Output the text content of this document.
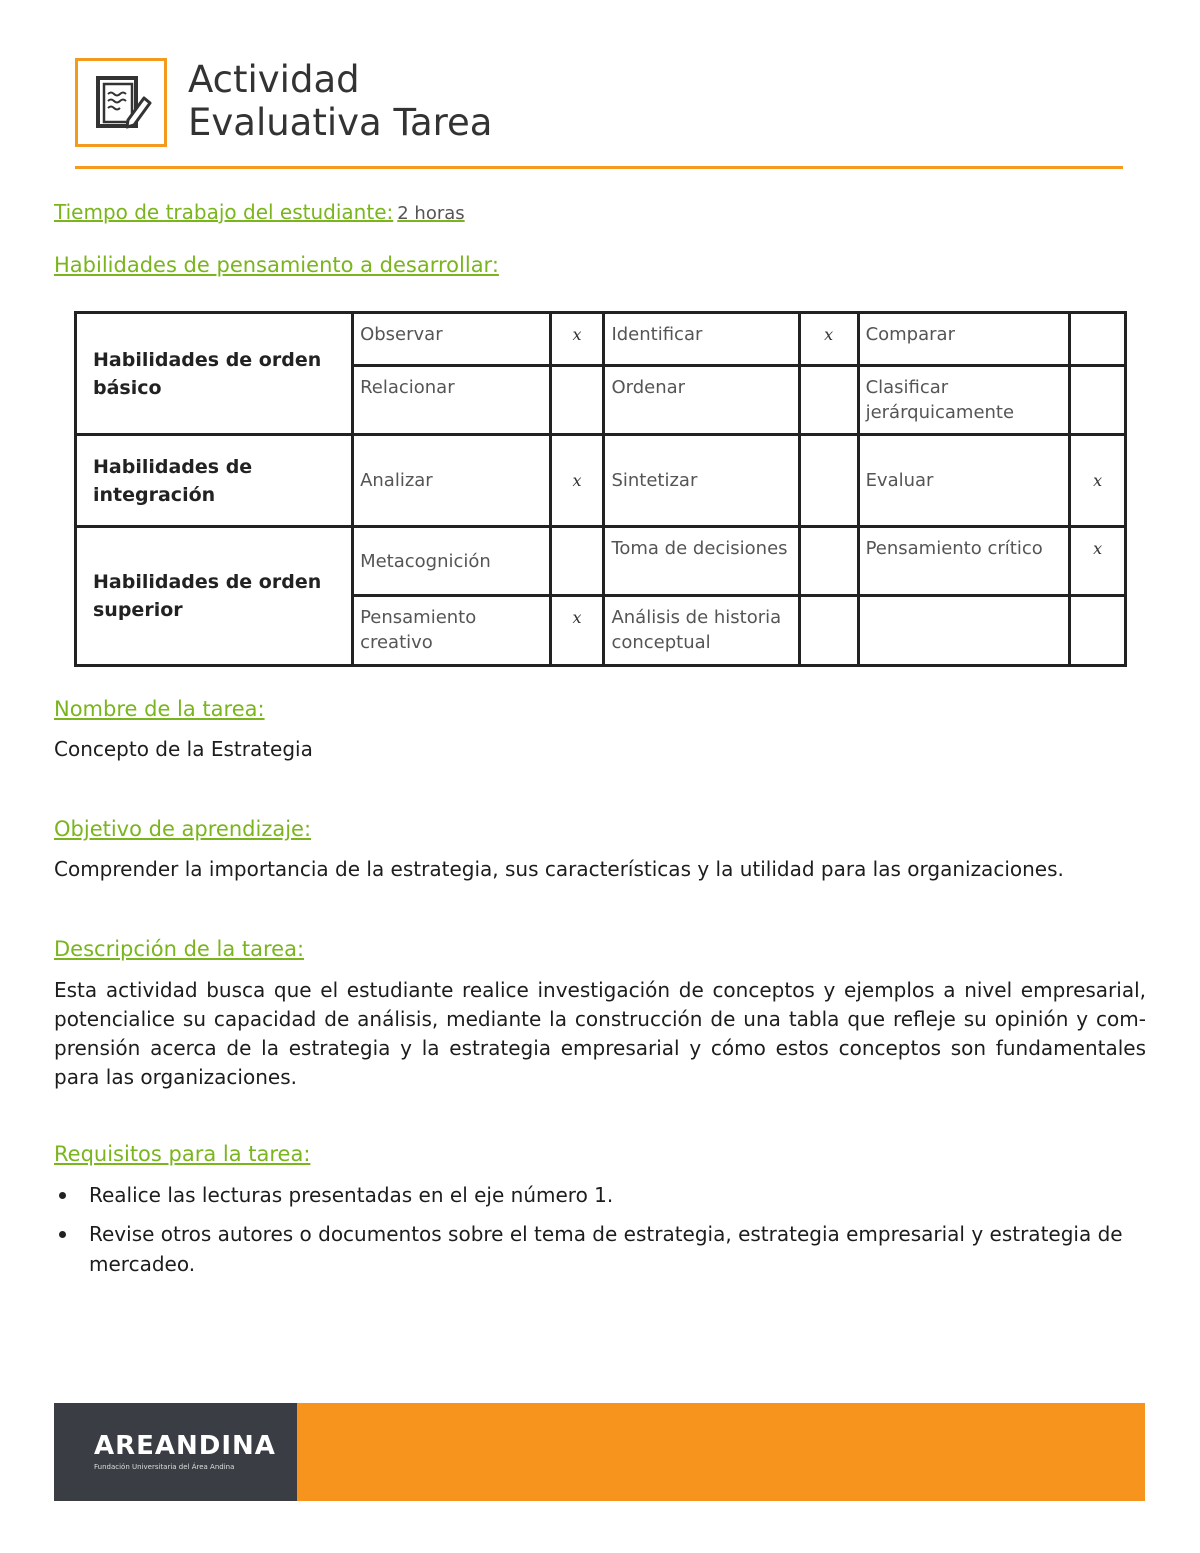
Actividad
Evaluativa Tarea
Tiempo de trabajo del estudiante: 2 horas
Habilidades de pensamiento a desarrollar:
Habilidades de orden básico	Observar	x	Identificar	x	Comparar	
	Relacionar		Ordenar		Clasificar jerárquicamente	
Habilidades de integración	Analizar	x	Sintetizar		Evaluar	x
Habilidades de orden superior	Metacognición		Toma de decisiones		Pensamiento crítico	x
	Pensamiento creativo	x	Análisis de historia conceptual			
Nombre de la tarea:
Concepto de la Estrategia
Objetivo de aprendizaje:
Comprender la importancia de la estrategia, sus características y la utilidad para las organizaciones.
Descripción de la tarea:
Esta actividad busca que el estudiante realice investigación de conceptos y ejemplos a nivel empresarial, potencialice su capacidad de análisis, mediante la construcción de una tabla que refleje su opinión y com- prensión acerca de la estrategia y la estrategia empresarial y cómo estos conceptos son fundamentales para las organizaciones.
Requisitos para la tarea:
Realice las lecturas presentadas en el eje número 1.
Revise otros autores o documentos sobre el tema de estrategia, estrategia empresarial y estrategia de mercadeo.
AREANDINA
Fundación Universitaria del Área Andina
